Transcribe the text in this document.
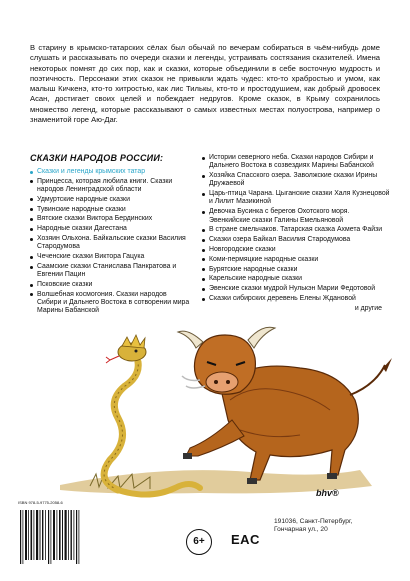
В старину в крымско-татарских сёлах был обычай по вечерам собираться в чьём-нибудь доме слушать и рассказывать по очереди сказки и легенды, устраивать состязания сказителей. Имена некоторых помнят до сих пор, как и сказки, которые объединили в себе восточную мудрость и поэтичность. Персонажи этих сказок не привыкли ждать чудес: кто-то храбростью и умом, как малыш Кичкенэ, кто-то хитростью, как лис Тилькы, кто-то и простодушием, как добрый дровосек Асан, достигает своих целей и побеждает недругов. Кроме сказок, в Крыму сохранилось множество легенд, которые рассказывают о самых известных местах полуострова, например о знаменитой горе Аю-Даг.

СКАЗКИ НАРОДОВ РОССИИ:
Сказки и легенды крымских татар
Принцесса, которая любила книги. Сказки народов Ленинградской области
Удмуртские народные сказки
Тувинские народные сказки
Вятские сказки Виктора Бердинских
Народные сказки Дагестана
Хозяин Ольхона. Байкальские сказки Василия Стародумова
Чеченские сказки Виктора Гацука
Саамские сказки Станислава Панкратова и Евгении Пацин
Псковские сказки
Волшебная космогония. Сказки народов Сибири и Дальнего Востока в сотворении мира Марины Бабанской
Истории северного неба. Сказки народов Сибири и Дальнего Востока в созвездиях Марины Бабанской
Хозяйка Спасского озера. Заволжские сказки Ирины Дружаевой
Царь-птица Чарана. Цыганские сказки Халя Кузнецовой и Лилит Мазикиной
Девочка Бусинка с берегов Охотского моря. Эвенкийские сказки Галины Емельяновой
В стране смельчаков. Татарская сказка Ахмета Файзи
Сказки озера Байкал Василия Стародумова
Новгородские сказки
Коми-пермяцкие народные сказки
Бурятские народные сказки
Карельские народные сказки
Эвенские сказки мудрой Нулькэн Марии Федотовой
Сказки сибирских деревень Елены Ждановой
и другие
ISBN 978-5-9775-2058-6
bhv®
191036, Санкт-Петербург,
Гончарная ул., 20
6+	EAC
